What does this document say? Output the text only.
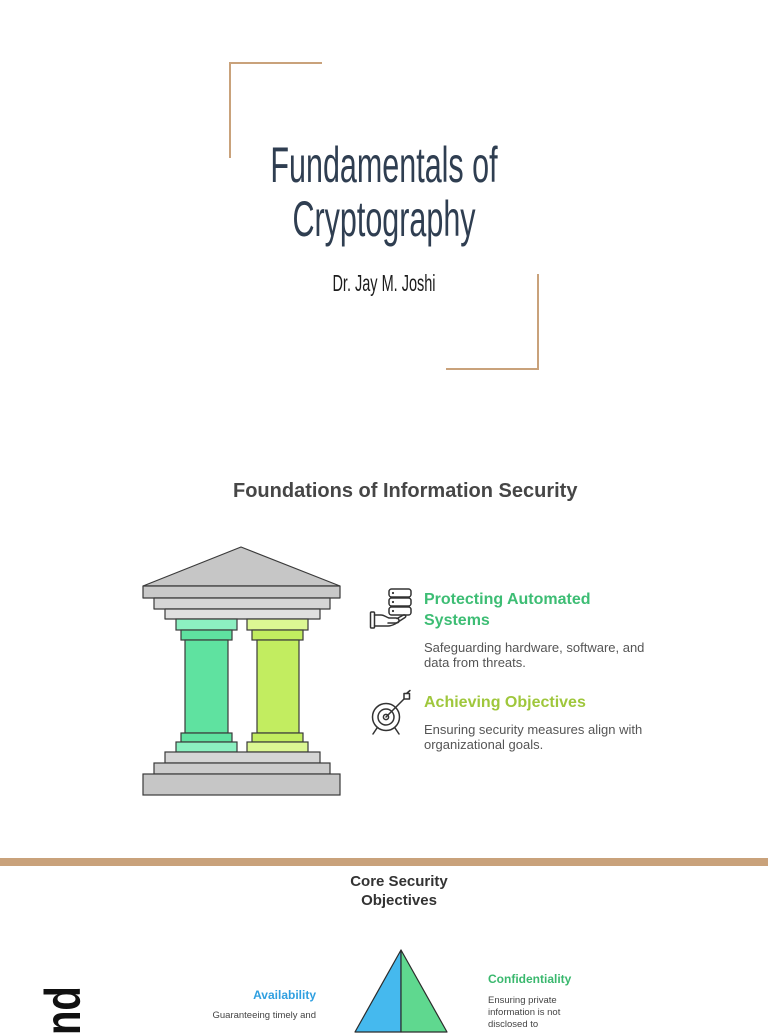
Fundamentals of Cryptography
Dr. Jay M. Joshi
Foundations of Information Security
Protecting Automated Systems
Safeguarding hardware, software, and data from threats.
Achieving Objectives
Ensuring security measures align with organizational goals.
Core Security Objectives
Availability
Guaranteeing timely and
Confidentiality
Ensuring private information is not disclosed to
nd
